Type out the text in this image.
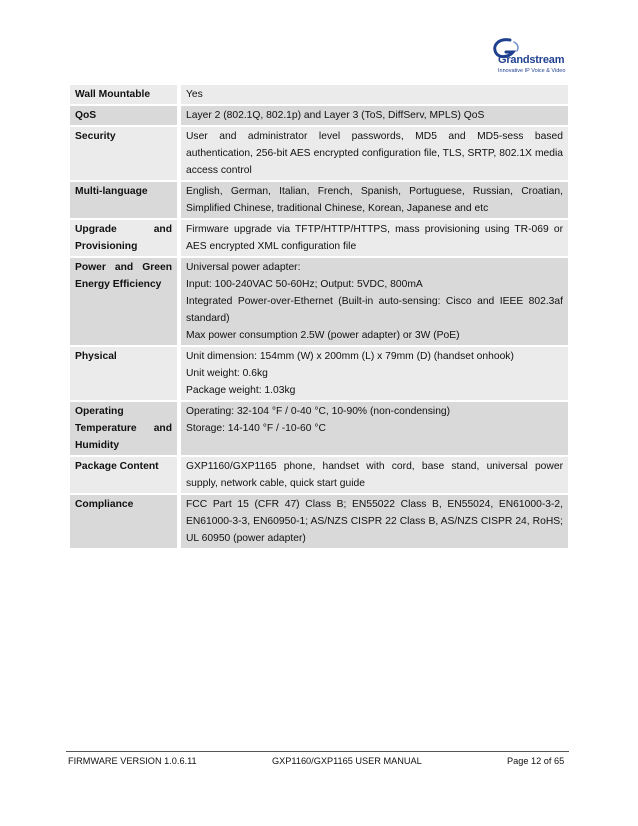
Grandstream
Innovative IP Voice & Video
Wall Mountable	Yes

QoS	Layer 2 (802.1Q, 802.1p) and Layer 3 (ToS, DiffServ, MPLS) QoS

Security	User and administrator level passwords, MD5 and MD5-sess based authentication, 256-bit AES encrypted configuration file, TLS, SRTP, 802.1X media access control

Multi-language	English, German, Italian, French, Spanish, Portuguese, Russian, Croatian, Simplified Chinese, traditional Chinese, Korean, Japanese and etc

Upgrade and Provisioning	Firmware upgrade via TFTP/HTTP/HTTPS, mass provisioning using TR-069 or AES encrypted XML configuration file

Power and Green Energy Efficiency	Universal power adapter:
Input: 100-240VAC 50-60Hz; Output: 5VDC, 800mA
Integrated Power-over-Ethernet (Built-in auto-sensing: Cisco and IEEE 802.3af standard)
Max power consumption 2.5W (power adapter) or 3W (PoE)

Physical	Unit dimension: 154mm (W) x 200mm (L) x 79mm (D) (handset onhook)
Unit weight: 0.6kg
Package weight: 1.03kg

Operating Temperature and Humidity	Operating: 32-104 °F / 0-40 °C, 10-90% (non-condensing)
Storage: 14-140 °F / -10-60 °C

Package Content	GXP1160/GXP1165 phone, handset with cord, base stand, universal power supply, network cable, quick start guide

Compliance	FCC Part 15 (CFR 47) Class B; EN55022 Class B, EN55024, EN61000-3-2, EN61000-3-3, EN60950-1; AS/NZS CISPR 22 Class B, AS/NZS CISPR 24, RoHS; UL 60950 (power adapter)
FIRMWARE VERSION 1.0.6.11	GXP1160/GXP1165 USER MANUAL	Page 12 of 65
